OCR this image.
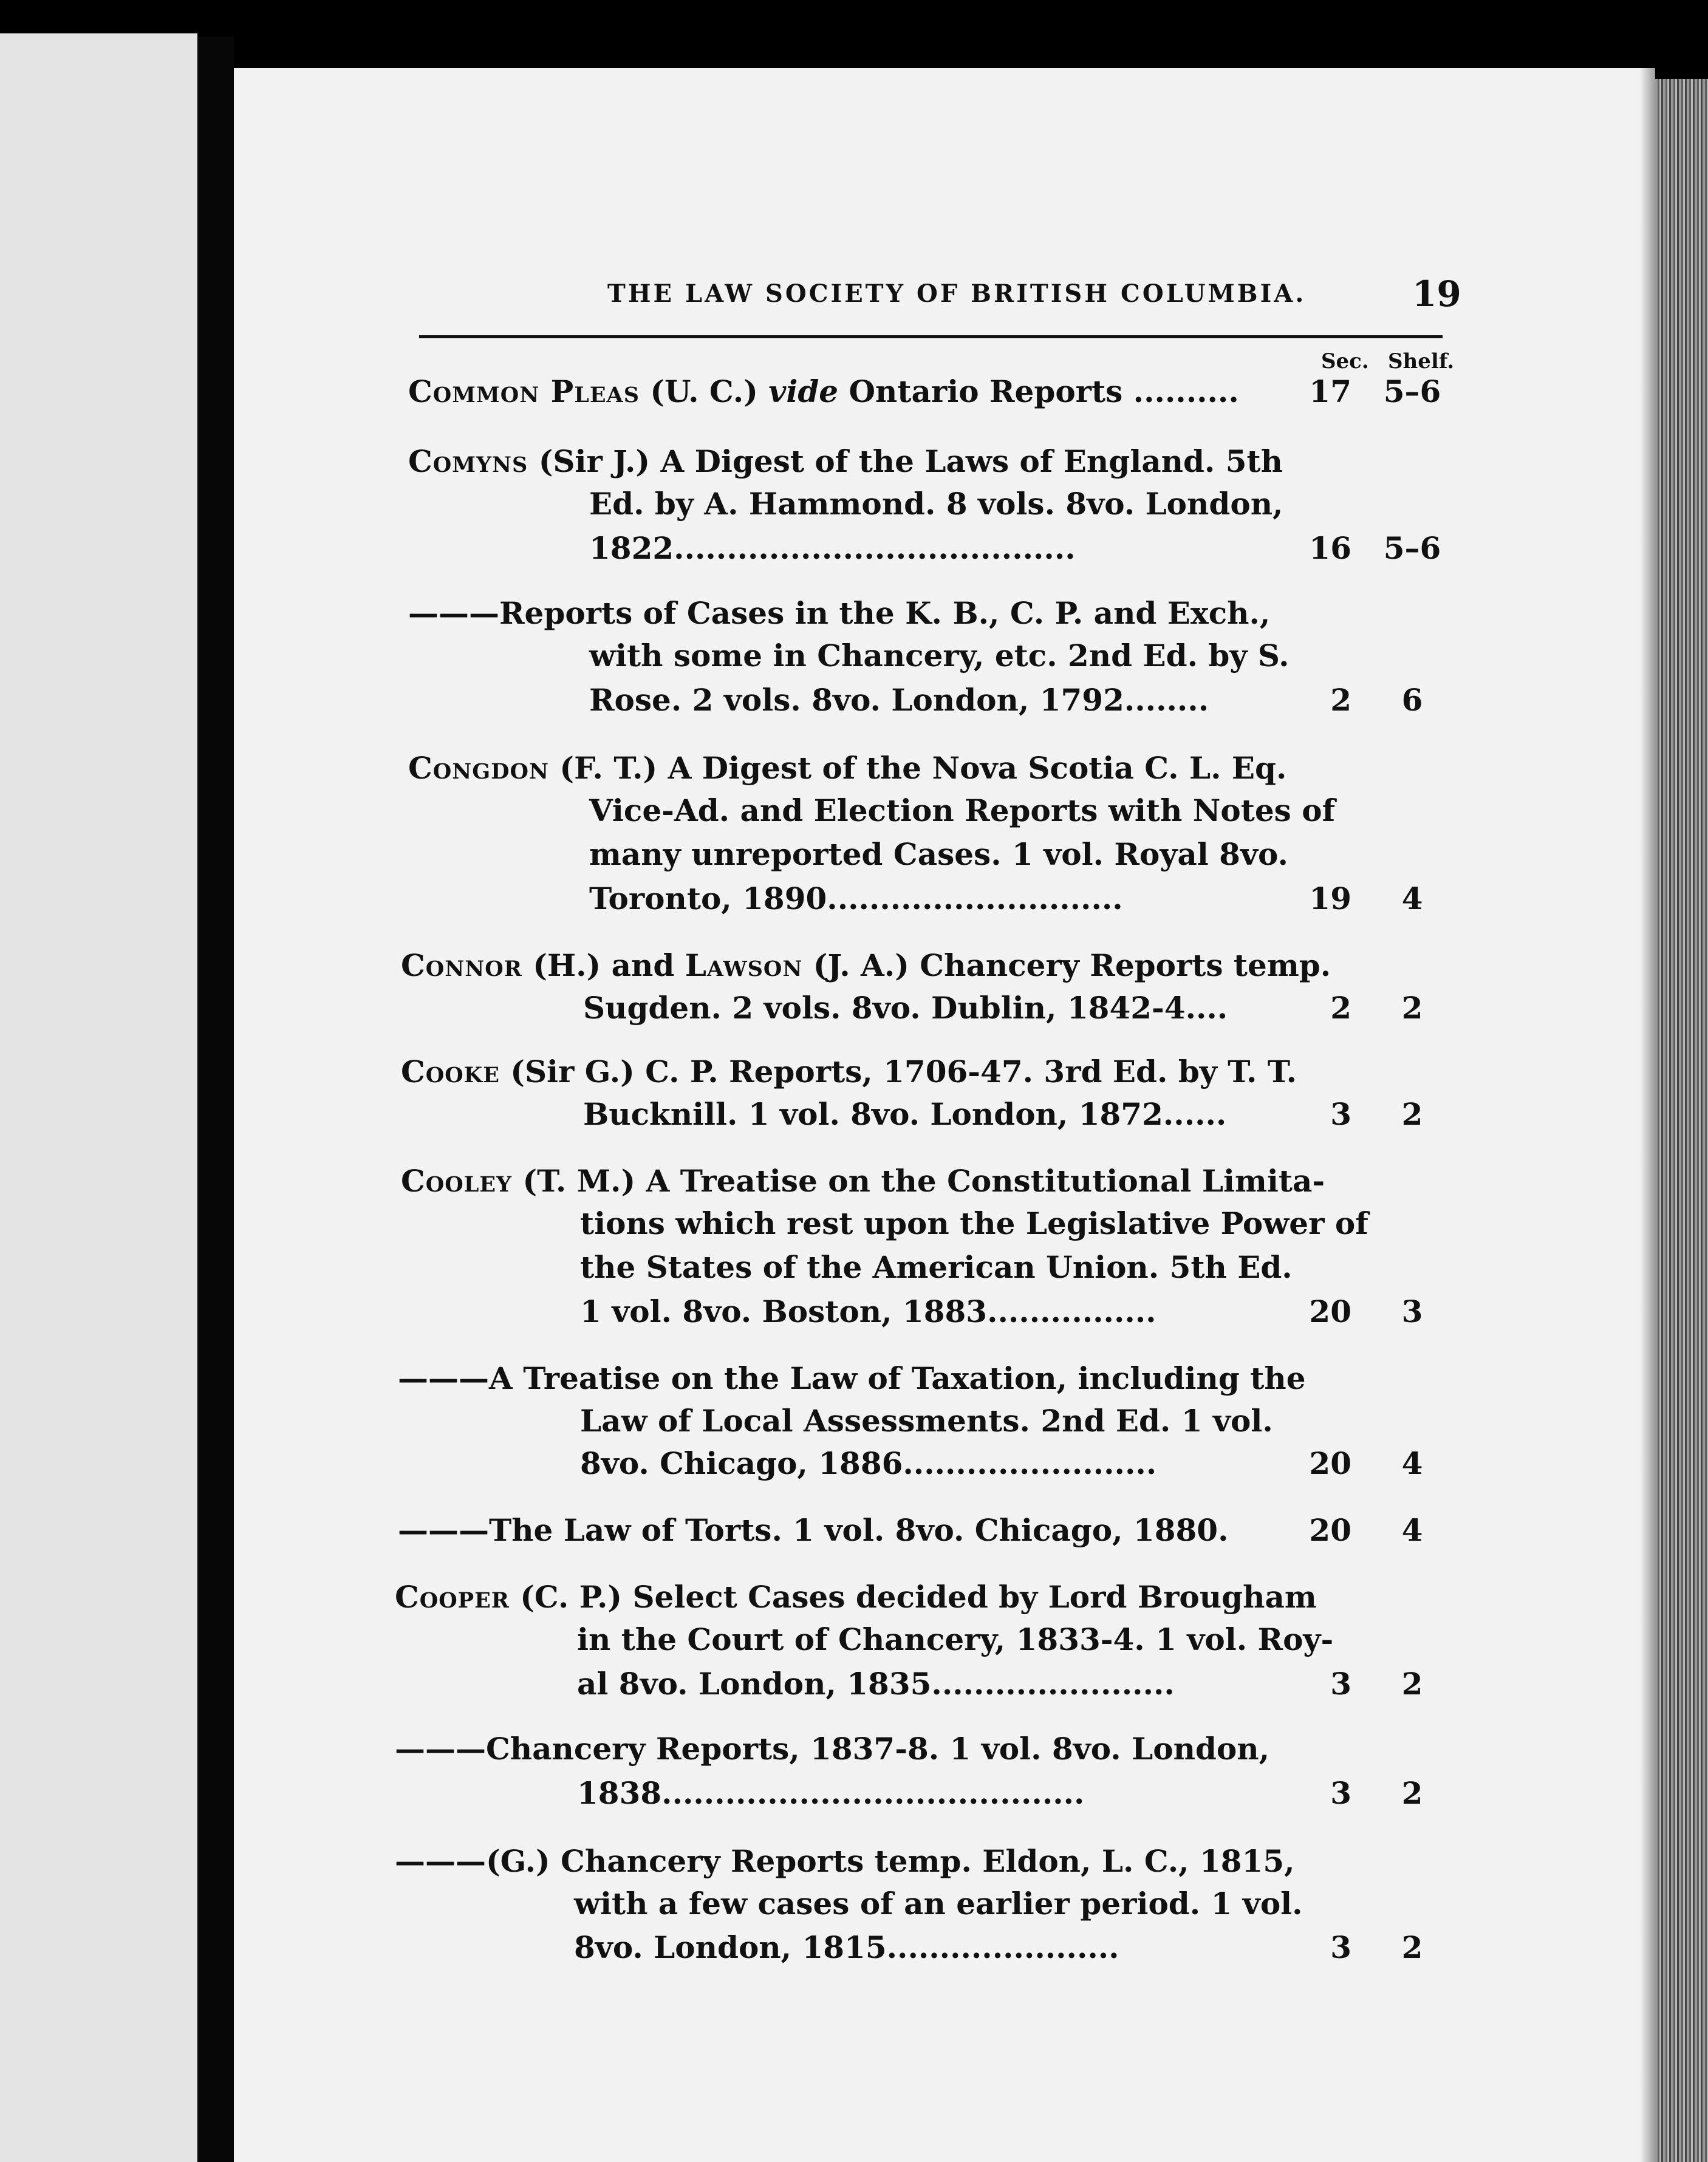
THE LAW SOCIETY OF BRITISH COLUMBIA.	19
Sec. Shelf.
Common Pleas (U. C.) vide Ontario Reports ..........	17 5–6
Comyns (Sir J.) A Digest of the Laws of England. 5th
Ed. by A. Hammond. 8 vols. 8vo. London,
1822......................................	16 5–6
———Reports of Cases in the K. B., C. P. and Exch.,
with some in Chancery, etc. 2nd Ed. by S.
Rose. 2 vols. 8vo. London, 1792........	2	6
Congdon (F. T.) A Digest of the Nova Scotia C. L. Eq.
Vice-Ad. and Election Reports with Notes of
many unreported Cases. 1 vol. Royal 8vo.
Toronto, 1890............................	19	4
Connor (H.) and Lawson (J. A.) Chancery Reports temp.
Sugden. 2 vols. 8vo. Dublin, 1842-4....	2	2
Cooke (Sir G.) C. P. Reports, 1706-47. 3rd Ed. by T. T.
Bucknill. 1 vol. 8vo. London, 1872......	3	2
Cooley (T. M.) A Treatise on the Constitutional Limita-
tions which rest upon the Legislative Power of
the States of the American Union. 5th Ed.
1 vol. 8vo. Boston, 1883................	20	3
———A Treatise on the Law of Taxation, including the
Law of Local Assessments. 2nd Ed. 1 vol.
8vo. Chicago, 1886........................	20	4
———The Law of Torts. 1 vol. 8vo. Chicago, 1880.	20	4
Cooper (C. P.) Select Cases decided by Lord Brougham
in the Court of Chancery, 1833-4. 1 vol. Roy-
al 8vo. London, 1835.......................	3	2
———Chancery Reports, 1837-8. 1 vol. 8vo. London,
1838........................................	3	2
———(G.) Chancery Reports temp. Eldon, L. C., 1815,
with a few cases of an earlier period. 1 vol.
8vo. London, 1815......................	3	2
